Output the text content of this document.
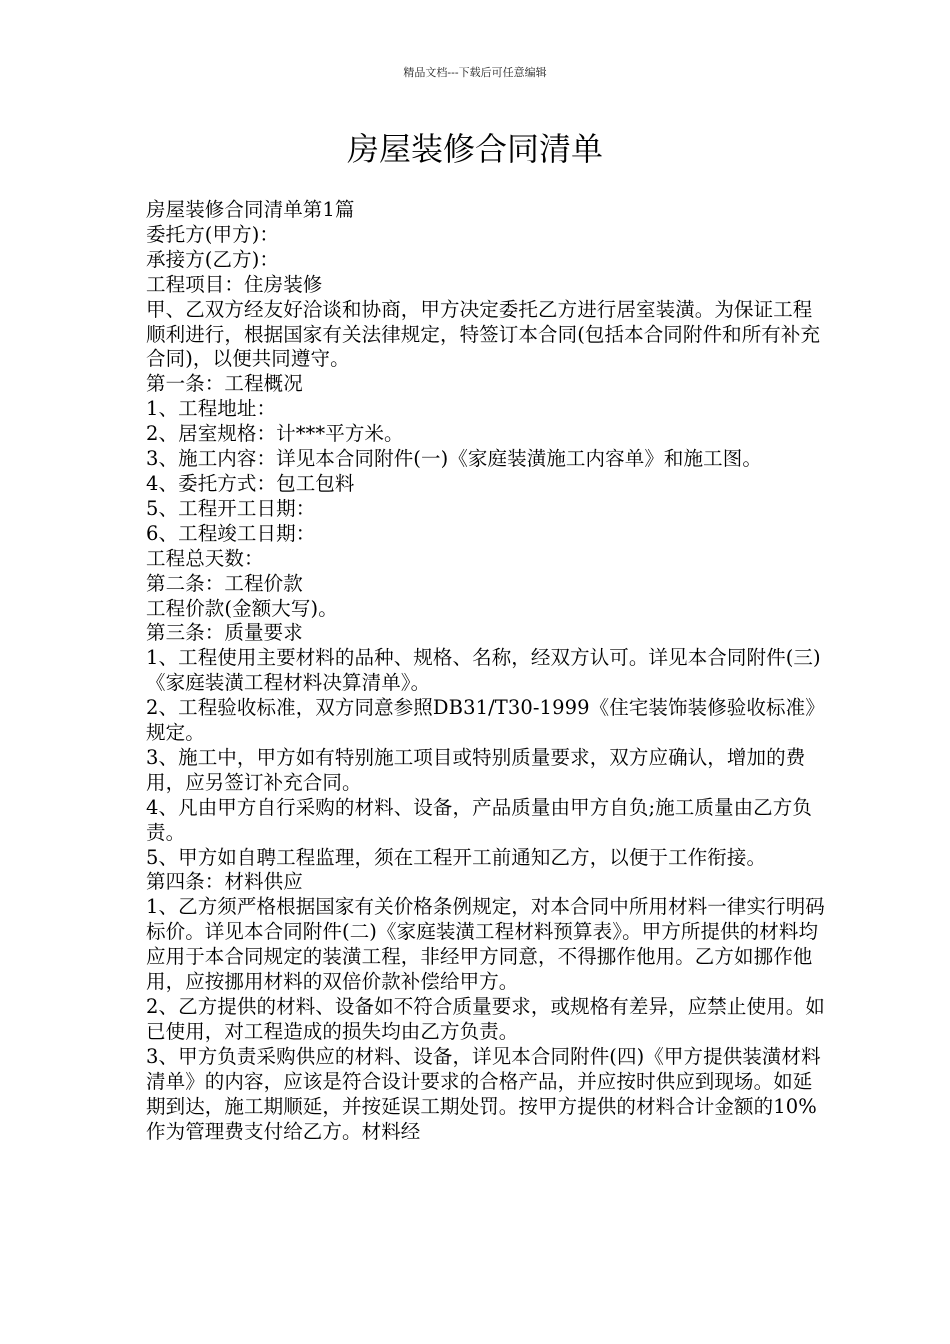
精品文档---下载后可任意编辑
房屋装修合同清单

房屋装修合同清单第1篇

委托方(甲方)：

承接方(乙方)：

工程项目：住房装修

甲、乙双方经友好洽谈和协商，甲方决定委托乙方进行居室装潢。为保证工程顺利进行，根据国家有关法律规定，特签订本合同(包括本合同附件和所有补充合同)，以便共同遵守。

第一条：工程概况

1、工程地址：

2、居室规格：计***平方米。

3、施工内容：详见本合同附件(一)《家庭装潢施工内容单》和施工图。

4、委托方式：包工包料

5、工程开工日期：

6、工程竣工日期：

工程总天数：

第二条：工程价款

工程价款(金额大写)。

第三条：质量要求

1、工程使用主要材料的品种、规格、名称，经双方认可。详见本合同附件(三)《家庭装潢工程材料决算清单》。

2、工程验收标准，双方同意参照DB31/T30-1999《住宅装饰装修验收标准》规定。

3、施工中，甲方如有特别施工项目或特别质量要求，双方应确认，增加的费用，应另签订补充合同。

4、凡由甲方自行采购的材料、设备，产品质量由甲方自负;施工质量由乙方负责。

5、甲方如自聘工程监理，须在工程开工前通知乙方，以便于工作衔接。

第四条：材料供应

1、乙方须严格根据国家有关价格条例规定，对本合同中所用材料一律实行明码标价。详见本合同附件(二)《家庭装潢工程材料预算表》。甲方所提供的材料均应用于本合同规定的装潢工程，非经甲方同意，不得挪作他用。乙方如挪作他用，应按挪用材料的双倍价款补偿给甲方。

2、乙方提供的材料、设备如不符合质量要求，或规格有差异，应禁止使用。如已使用，对工程造成的损失均由乙方负责。

3、甲方负责采购供应的材料、设备，详见本合同附件(四)《甲方提供装潢材料清单》的内容，应该是符合设计要求的合格产品，并应按时供应到现场。如延期到达，施工期顺延，并按延误工期处罚。按甲方提供的材料合计金额的10%作为管理费支付给乙方。材料经
